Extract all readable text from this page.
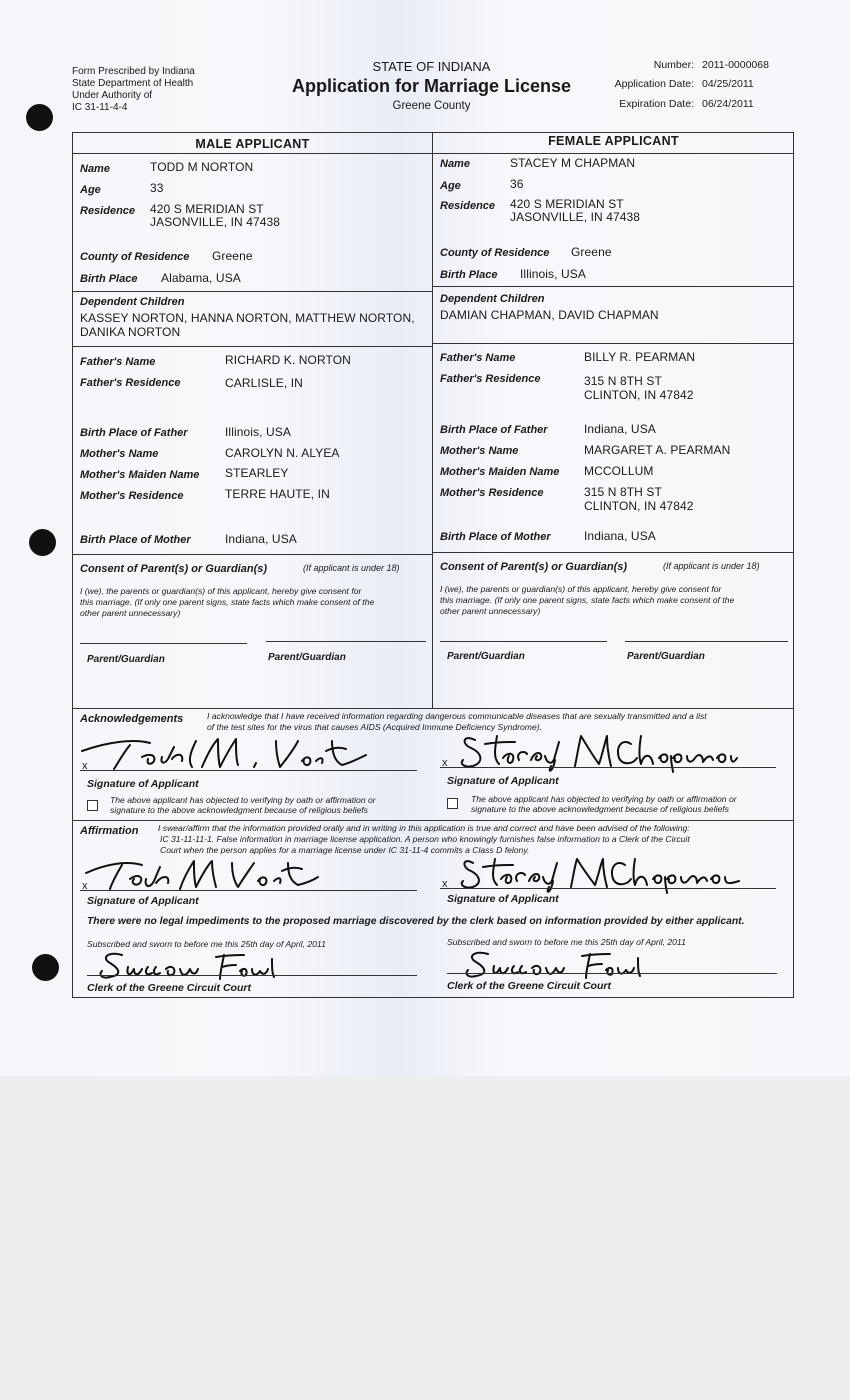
Form Prescribed by Indiana
State Department of Health
Under Authority of
IC 31-11-4-4
STATE OF INDIANA
Application for Marriage License
Greene County
Number: 2011-0000068
Application Date: 04/25/2011
Expiration Date: 06/24/2011
MALE APPLICANT	FEMALE APPLICANT
Name	TODD M NORTON
Age	33
Residence 420 S MERIDIAN ST
JASONVILLE, IN 47438
County of Residence Greene
Birth Place Alabama, USA
Dependent Children
KASSEY NORTON, HANNA NORTON, MATTHEW NORTON,
DANIKA NORTON
Father's Name	RICHARD K. NORTON
Father's Residence	CARLISLE, IN
Birth Place of Father	Illinois, USA
Mother's Name	CAROLYN N. ALYEA
Mother's Maiden Name STEARLEY
Mother's Residence	TERRE HAUTE, IN
Birth Place of Mother	Indiana, USA
Name	STACEY M CHAPMAN
Age	36
Residence 420 S MERIDIAN ST
JASONVILLE, IN 47438
County of Residence Greene
Birth Place Illinois, USA
Dependent Children
DAMIAN CHAPMAN, DAVID CHAPMAN
Father's Name	BILLY R. PEARMAN
Father's Residence	315 N 8TH ST
CLINTON, IN 47842
Birth Place of Father	Indiana, USA
Mother's Name	MARGARET A. PEARMAN
Mother's Maiden Name MCCOLLUM
Mother's Residence	315 N 8TH ST
CLINTON, IN 47842
Birth Place of Mother	Indiana, USA
Consent of Parent(s) or Guardian(s)	(If applicant is under 18)
I (we), the parents or guardian(s) of this applicant, hereby give consent for
this marriage. (If only one parent signs, state facts which make consent of the
other parent unnecessary)
Parent/Guardian	Parent/Guardian
Consent of Parent(s) or Guardian(s)	(If applicant is under 18)
I (we), the parents or guardian(s) of this applicant, hereby give consent for
this marriage. (If only one parent signs, state facts which make consent of the
other parent unnecessary)
Parent/Guardian	Parent/Guardian
Acknowledgements	I acknowledge that I have received information regarding dangerous communicable diseases that are sexually transmitted and a list
of the test sites for the virus that causes AIDS (Acquired Immune Deficiency Syndrome).
x
Signature of Applicant
x
Signature of Applicant
The above applicant has objected to verifying by oath or affirmation or
signature to the above acknowledgment because of religious beliefs
The above applicant has objected to verifying by oath or affirmation or
signature to the above acknowledgment because of religious beliefs
Affirmation I swear/affirm that the information provided orally and in writing in this application is true and correct and have been advised of the following:
IC 31-11-11-1. False information in marriage license application. A person who knowingly furnishes false information to a Clerk of the Circuit
Court when the person applies for a marriage license under IC 31-11-4 commits a Class D felony.
x
Signature of Applicant
x
Signature of Applicant
There were no legal impediments to the proposed marriage discovered by the clerk based on information provided by either applicant.
Subscribed and sworn to before me this 25th day of April, 2011	Subscribed and sworn to before me this 25th day of April, 2011
Clerk of the Greene Circuit Court	Clerk of the Greene Circuit Court
